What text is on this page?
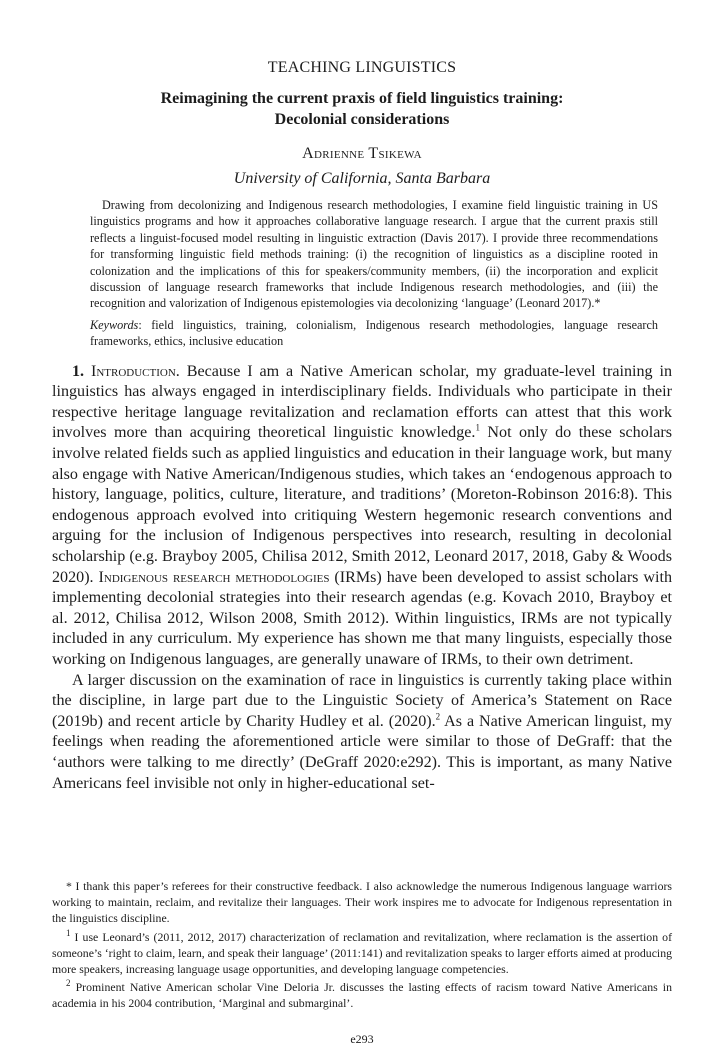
TEACHING LINGUISTICS
Reimagining the current praxis of field linguistics training:
Decolonial considerations
Adrienne Tsikewa
University of California, Santa Barbara
Drawing from decolonizing and Indigenous research methodologies, I examine field linguistic training in US linguistics programs and how it approaches collaborative language research. I argue that the current praxis still reflects a linguist-focused model resulting in linguistic extraction (Davis 2017). I provide three recommendations for transforming linguistic field methods training: (i) the recognition of linguistics as a discipline rooted in colonization and the implications of this for speakers/community members, (ii) the incorporation and explicit discussion of language research frameworks that include Indigenous research methodologies, and (iii) the recognition and valorization of Indigenous epistemologies via decolonizing ‘language’ (Leonard 2017).*
Keywords: field linguistics, training, colonialism, Indigenous research methodologies, language research frameworks, ethics, inclusive education

1. Introduction. Because I am a Native American scholar, my graduate-level training in linguistics has always engaged in interdisciplinary fields. Individuals who participate in their respective heritage language revitalization and reclamation efforts can attest that this work involves more than acquiring theoretical linguistic knowledge.$^1$ Not only do these scholars involve related fields such as applied linguistics and education in their language work, but many also engage with Native American/Indigenous studies, which takes an ‘endogenous approach to history, language, politics, culture, literature, and traditions’ (Moreton-Robinson 2016:8). This endogenous approach evolved into critiquing Western hegemonic research conventions and arguing for the inclusion of Indigenous perspectives into research, resulting in decolonial scholarship (e.g. Brayboy 2005, Chilisa 2012, Smith 2012, Leonard 2017, 2018, Gaby & Woods 2020). Indigenous research methodologies (IRMs) have been developed to assist scholars with implementing decolonial strategies into their research agendas (e.g. Kovach 2010, Brayboy et al. 2012, Chilisa 2012, Wilson 2008, Smith 2012). Within linguistics, IRMs are not typically included in any curriculum. My experience has shown me that many linguists, especially those working on Indigenous languages, are generally unaware of IRMs, to their own detriment.

A larger discussion on the examination of race in linguistics is currently taking place within the discipline, in large part due to the Linguistic Society of America’s Statement on Race (2019b) and recent article by Charity Hudley et al. (2020).$^2$ As a Native American linguist, my feelings when reading the aforementioned article were similar to those of DeGraff: that the ‘authors were talking to me directly’ (DeGraff 2020:e292). This is important, as many Native Americans feel invisible not only in higher-educational set-

* I thank this paper’s referees for their constructive feedback. I also acknowledge the numerous Indigenous language warriors working to maintain, reclaim, and revitalize their languages. Their work inspires me to advocate for Indigenous representation in the linguistics discipline.

$^1$ I use Leonard’s (2011, 2012, 2017) characterization of reclamation and revitalization, where reclamation is the assertion of someone’s ‘right to claim, learn, and speak their language’ (2011:141) and revitalization speaks to larger efforts aimed at producing more speakers, increasing language usage opportunities, and developing language competencies.

$^2$ Prominent Native American scholar Vine Deloria Jr. discusses the lasting effects of racism toward Native Americans in academia in his 2004 contribution, ‘Marginal and submarginal’.

e293
